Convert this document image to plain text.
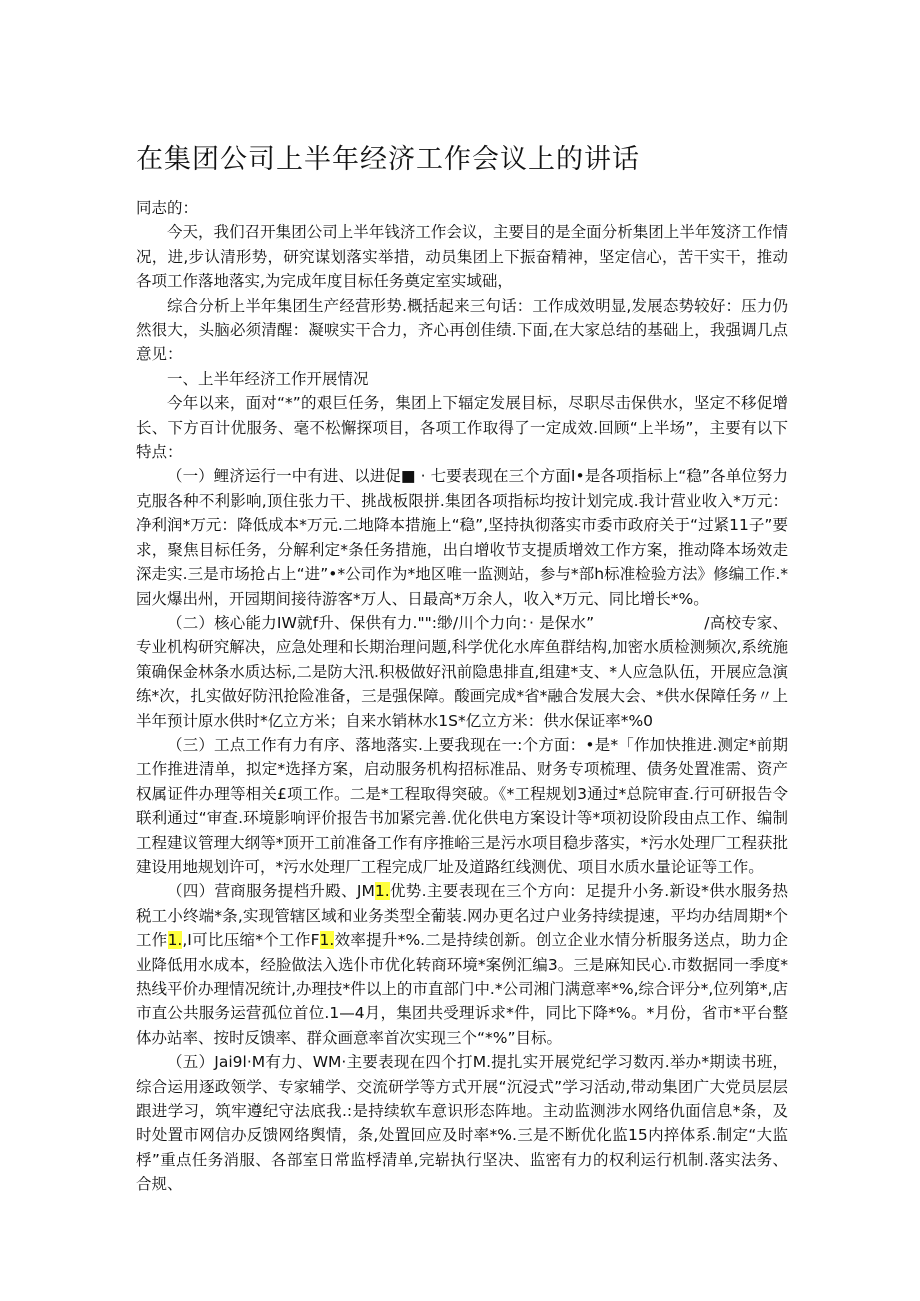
在集团公司上半年经济工作会议上的讲话

同志的：

今天，我们召开集团公司上半年钱济工作会议，主要目的是全面分析集团上半年笈济工作情况，进,步认清形势，研究谋划落实举措，动员集团上下振奋精神，坚定信心，苦干实干，推动各项工作落地落实,为完成年度目标任务奠定室实域础，

综合分析上半年集团生产经营形势.概括起来三句话：工作成效明显,发展态势较好：压力仍然很大，头脑必须清醒：凝唳实干合力，齐心再创佳绩.下面,在大家总结的基础上，我强调几点意见：

一、上半年经济工作开展情况

今年以来，面对“*”的艰巨任务，集团上下辐定发展目标，尽职尽击保供水，坚定不移促增长、下方百计优服务、毫不松懈探项目，各项工作取得了一定成效.回顾“上半场”，主要有以下特点：

（一）鲤济运行一中有进、以进促■ · 七要表现在三个方面I•是各项指标上“稳”各单位努力克服各种不利影响,顶住张力干、挑战板限拼.集团各项指标均按计划完成.我计营业收入*万元：净利润*万元：降低成本*万元.二地降本措施上“稳”,坚持执彻落实市委市政府关于“过紧11子”要求，聚焦目标任务，分解利定*条任务措施，出白增收节支提质增效工作方案，推动降本场效走深走实.三是市场抢占上“进”•*公司作为*地区唯一监测站，参与*部h标准检验方法》修编工作.*园火爆出州，开园期间接待游客*万人、日最高*万余人，收入*万元、同比增长*%。

（二）核心能力IW就f升、保供有力."":缈/川个力向：· 是保水”　　　　　　　/高校专家、专业机构研究解决，应急处理和长期治理问题,科学优化水库鱼群结构,加密水质检测频次,系统施策确保金林条水质达标,二是防大汛.积极做好汛前隐患排直,组建*支、*人应急队伍，开展应急演练*次，扎实做好防汛抢险准备，三是强保障。酸画完成*省*融合发展大会、*供水保障任务〃上半年预计原水供时*亿立方米；自来水销林水1S*亿立方米：供水保证率*%0

（三）工点工作有力有序、落地落实.上要我现在一:个方面：•是*「作加快推进.测定*前期工作推进清单，拟定*选择方案，启动服务机构招标准品、财务专项梳理、债务处置准需、资产权属证件办理等相关£项工作。二是*工程取得突破。《*工程规划3通过*总院审査.行可研报告令联利通过“审查.环境影响评价报告书加紧完善.优化供电方案设计等*项初设阶段由点工作、编制工程建议管理大纲等*顶开工前准备工作有序推峪三是污水项目稳步落实，*污水处理厂工程获批建设用地规划许可，*污水处理厂工程完成厂址及道路红线测优、项目水质水量论证等工作。

（四）营商服务提档升殿、JM1.优势.主要表现在三个方向：足提升小务.新设*供水服务热税工小终端*条,实现管辖区域和业务类型全葡装.网办更名过户业务持续提速，平均办结周期*个工作1.,I可比压缩*个工作F1.效率提升*%.二是持续创新。创立企业水情分析服务送点，助力企业降低用水成本，经脸做法入选仆市优化转商环境*案例汇编3。三是麻知民心.市数据同一季度*热线平价办理情况统计,办理技*件以上的市直部门中.*公司湘门满意率*%,综合评分*,位列第*,店市直公共服务运营孤位首位.1—4月，集团共受理诉求*件，同比下降*%。*月份，省市*平台整体办站率、按时反馈率、群众画意率首次实现三个“*%”目标。

（五）Jai9l·M有力、WM·主要表现在四个打M.提扎实开展党纪学习数丙.举办*期读书班，综合运用逐政领学、专家辅学、交流研学等方式开展“沉浸式”学习活动,带动集团广大党员层层跟进学习，筑牢遵纪守法底我.:是持续软车意识形态阵地。主动监测涉水网络仇面信息*条，及时处置市网信办反馈网络舆情，条,处置回应及时率*%.三是不断优化监15内捽体系.制定“大监桴”重点任务消服、各部室日常监桴清单,完崭执行坚决、监密有力的权利运行机制.落实法务、合规、
